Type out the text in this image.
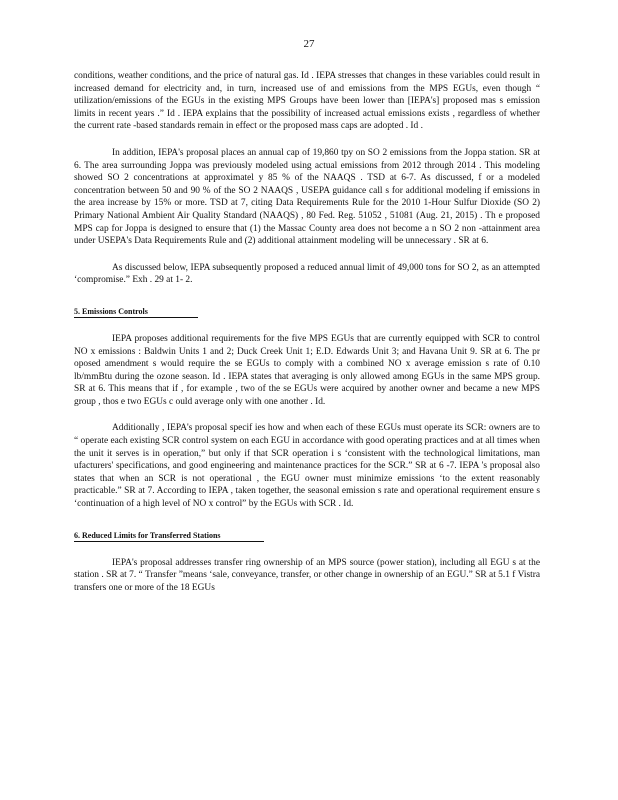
27

conditions, weather conditions, and the price of natural gas. Id . IEPA stresses that changes in these variables could result in increased demand for electricity and, in turn, increased use of and emissions from the MPS EGUs, even though “ utilization/emissions of the EGUs in the existing MPS Groups have been lower than [IEPA's] proposed mas s emission limits in recent years .” Id . IEPA explains that the possibility of increased actual emissions exists , regardless of whether the current rate -based standards remain in effect or the proposed mass caps are adopted . Id .

In addition, IEPA's proposal places an annual cap of 19,860 tpy on SO 2 emissions from the Joppa station. SR at 6. The area surrounding Joppa was previously modeled using actual emissions from 2012 through 2014 . This modeling showed SO 2 concentrations at approximatel y 85 % of the NAAQS . TSD at 6-7. As discussed, f or a modeled concentration between 50 and 90 % of the SO 2 NAAQS , USEPA guidance call s for additional modeling if emissions in the area increase by 15% or more. TSD at 7, citing Data Requirements Rule for the 2010 1-Hour Sulfur Dioxide (SO 2) Primary National Ambient Air Quality Standard (NAAQS) , 80 Fed. Reg. 51052 , 51081 (Aug. 21, 2015) . Th e proposed MPS cap for Joppa is designed to ensure that (1) the Massac County area does not become a n SO 2 non -attainment area under USEPA's Data Requirements Rule and (2) additional attainment modeling will be unnecessary . SR at 6.

As discussed below, IEPA subsequently proposed a reduced annual limit of 49,000 tons for SO 2, as an attempted ‘compromise.” Exh . 29 at 1- 2.

5. Emissions Controls

IEPA proposes additional requirements for the five MPS EGUs that are currently equipped with SCR to control NO x emissions : Baldwin Units 1 and 2; Duck Creek Unit 1; E.D. Edwards Unit 3; and Havana Unit 9. SR at 6. The pr oposed amendment s would require the se EGUs to comply with a combined NO x average emission s rate of 0.10 lb/mmBtu during the ozone season. Id . IEPA states that averaging is only allowed among EGUs in the same MPS group. SR at 6. This means that if , for example , two of the se EGUs were acquired by another owner and became a new MPS group , thos e two EGUs c ould average only with one another . Id.

Additionally , IEPA's proposal specif ies how and when each of these EGUs must operate its SCR: owners are to “ operate each existing SCR control system on each EGU in accordance with good operating practices and at all times when the unit it serves is in operation,” but only if that SCR operation i s ‘consistent with the technological limitations, man ufacturers' specifications, and good engineering and maintenance practices for the SCR.” SR at 6 -7. IEPA 's proposal also states that when an SCR is not operational , the EGU owner must minimize emissions ‘to the extent reasonably practicable.” SR at 7. According to IEPA , taken together, the seasonal emission s rate and operational requirement ensure s ‘continuation of a high level of NO x control” by the EGUs with SCR . Id.

6. Reduced Limits for Transferred Stations

IEPA's proposal addresses transfer ring ownership of an MPS source (power station), including all EGU s at the station . SR at 7. “ Transfer ”means ‘sale, conveyance, transfer, or other change in ownership of an EGU.” SR at 5.1 f Vistra transfers one or more of the 18 EGUs
